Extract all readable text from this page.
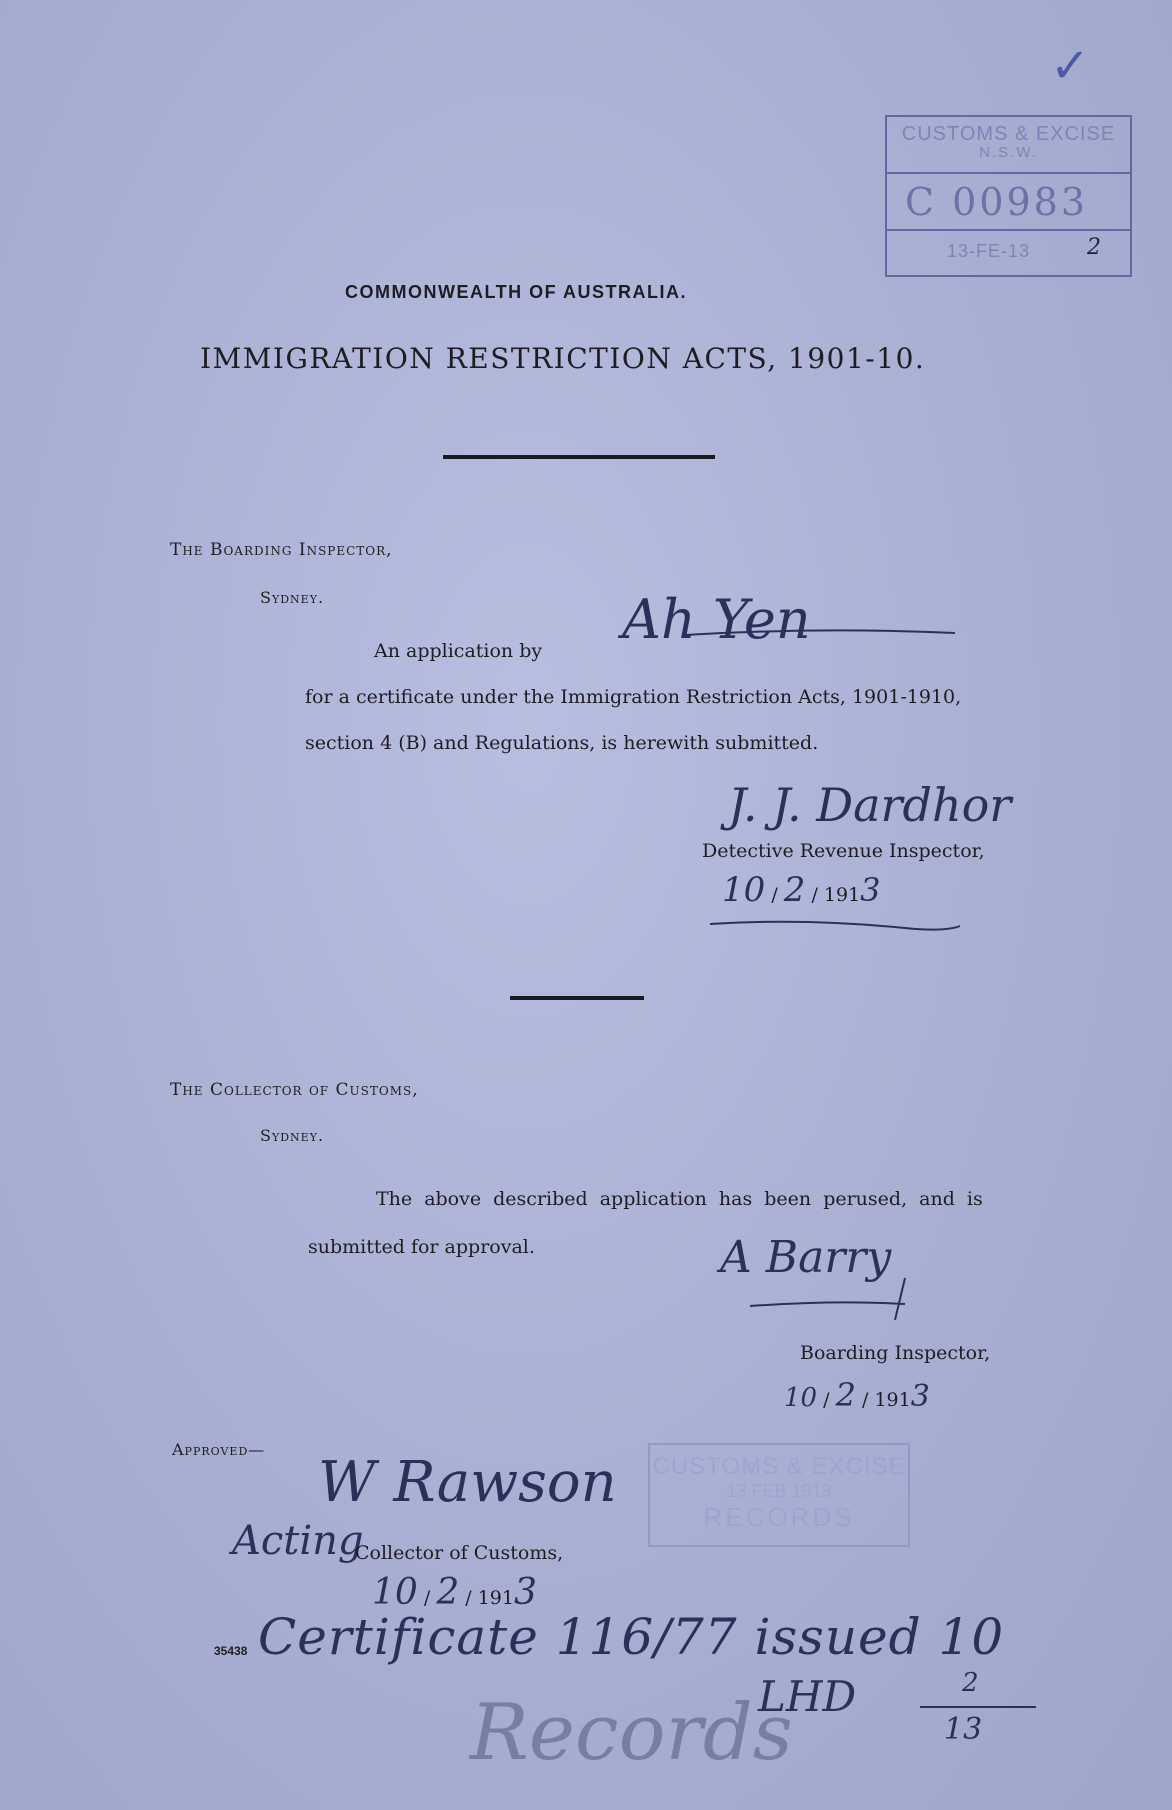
✓
CUSTOMS & EXCISE
N.S.W.
C 00983
13-FE-13	2
COMMONWEALTH OF AUSTRALIA.
IMMIGRATION RESTRICTION ACTS, 1901-10.
The Boarding Inspector,
Sydney.
An application by Ah Yen
for a certificate under the Immigration Restriction Acts, 1901-1910,
section 4 (B) and Regulations, is herewith submitted.
J. J. Dardhor
Detective Revenue Inspector,
10 / 2 / 1913
The Collector of Customs,
Sydney.
The above described application has been perused, and is
submitted for approval.	A Barry
Boarding Inspector,
10 / 2 / 1913
Approved—
W Rawson
Acting
Collector of Customs,
10 / 2 / 1913
CUSTOMS & EXCISE
13 FEB 1913
RECORDS
35438 Certificate 116/77 issued 10
LHD	2
13
Records
